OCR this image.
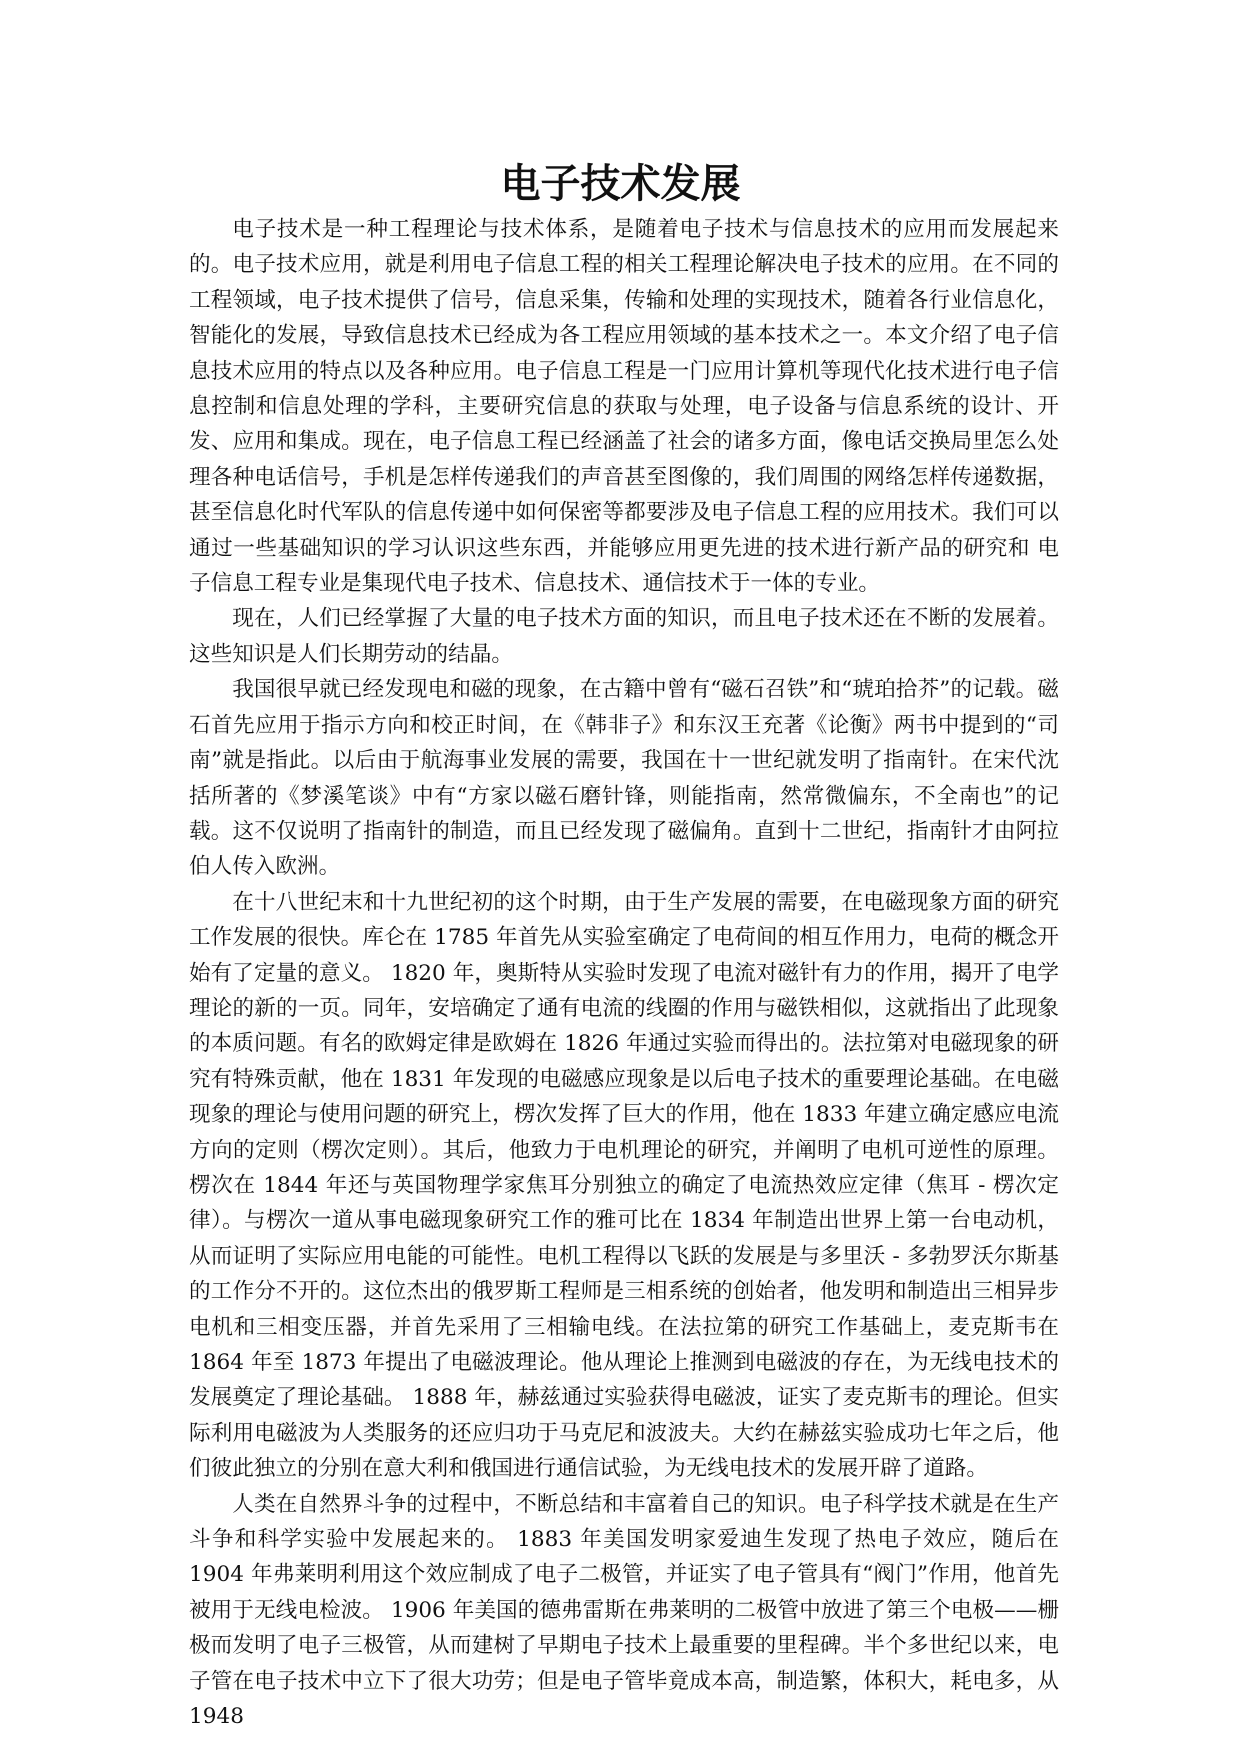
电子技术发展

电子技术是一种工程理论与技术体系，是随着电子技术与信息技术的应用而发展起来的。电子技术应用，就是利用电子信息工程的相关工程理论解决电子技术的应用。在不同的工程领域，电子技术提供了信号，信息采集，传输和处理的实现技术，随着各行业信息化，智能化的发展，导致信息技术已经成为各工程应用领域的基本技术之一。本文介绍了电子信息技术应用的特点以及各种应用。电子信息工程是一门应用计算机等现代化技术进行电子信息控制和信息处理的学科，主要研究信息的获取与处理，电子设备与信息系统的设计、开发、应用和集成。现在，电子信息工程已经涵盖了社会的诸多方面，像电话交换局里怎么处理各种电话信号，手机是怎样传递我们的声音甚至图像的，我们周围的网络怎样传递数据，甚至信息化时代军队的信息传递中如何保密等都要涉及电子信息工程的应用技术。我们可以通过一些基础知识的学习认识这些东西，并能够应用更先进的技术进行新产品的研究和 电子信息工程专业是集现代电子技术、信息技术、通信技术于一体的专业。

现在，人们已经掌握了大量的电子技术方面的知识，而且电子技术还在不断的发展着。这些知识是人们长期劳动的结晶。

我国很早就已经发现电和磁的现象，在古籍中曾有“磁石召铁”和“琥珀拾芥”的记载。磁石首先应用于指示方向和校正时间，在《韩非子》和东汉王充著《论衡》两书中提到的“司南”就是指此。以后由于航海事业发展的需要，我国在十一世纪就发明了指南针。在宋代沈括所著的《梦溪笔谈》中有“方家以磁石磨针锋，则能指南，然常微偏东，不全南也”的记载。这不仅说明了指南针的制造，而且已经发现了磁偏角。直到十二世纪，指南针才由阿拉伯人传入欧洲。

在十八世纪末和十九世纪初的这个时期，由于生产发展的需要，在电磁现象方面的研究工作发展的很快。库仑在 1785 年首先从实验室确定了电荷间的相互作用力，电荷的概念开始有了定量的意义。 1820 年，奥斯特从实验时发现了电流对磁针有力的作用，揭开了电学理论的新的一页。同年，安培确定了通有电流的线圈的作用与磁铁相似，这就指出了此现象的本质问题。有名的欧姆定律是欧姆在 1826 年通过实验而得出的。法拉第对电磁现象的研究有特殊贡献，他在 1831 年发现的电磁感应现象是以后电子技术的重要理论基础。在电磁现象的理论与使用问题的研究上，楞次发挥了巨大的作用，他在 1833 年建立确定感应电流方向的定则（楞次定则）。其后，他致力于电机理论的研究，并阐明了电机可逆性的原理。楞次在 1844 年还与英国物理学家焦耳分别独立的确定了电流热效应定律（焦耳 - 楞次定律）。与楞次一道从事电磁现象研究工作的雅可比在 1834 年制造出世界上第一台电动机，从而证明了实际应用电能的可能性。电机工程得以飞跃的发展是与多里沃 - 多勃罗沃尔斯基的工作分不开的。这位杰出的俄罗斯工程师是三相系统的创始者，他发明和制造出三相异步电机和三相变压器，并首先采用了三相输电线。在法拉第的研究工作基础上，麦克斯韦在 1864 年至 1873 年提出了电磁波理论。他从理论上推测到电磁波的存在，为无线电技术的发展奠定了理论基础。 1888 年，赫兹通过实验获得电磁波，证实了麦克斯韦的理论。但实际利用电磁波为人类服务的还应归功于马克尼和波波夫。大约在赫兹实验成功七年之后，他们彼此独立的分别在意大利和俄国进行通信试验，为无线电技术的发展开辟了道路。

人类在自然界斗争的过程中，不断总结和丰富着自己的知识。电子科学技术就是在生产斗争和科学实验中发展起来的。 1883 年美国发明家爱迪生发现了热电子效应，随后在 1904 年弗莱明利用这个效应制成了电子二极管，并证实了电子管具有“阀门”作用，他首先被用于无线电检波。 1906 年美国的德弗雷斯在弗莱明的二极管中放进了第三个电极——栅极而发明了电子三极管，从而建树了早期电子技术上最重要的里程碑。半个多世纪以来，电子管在电子技术中立下了很大功劳；但是电子管毕竟成本高，制造繁，体积大，耗电多，从 1948
